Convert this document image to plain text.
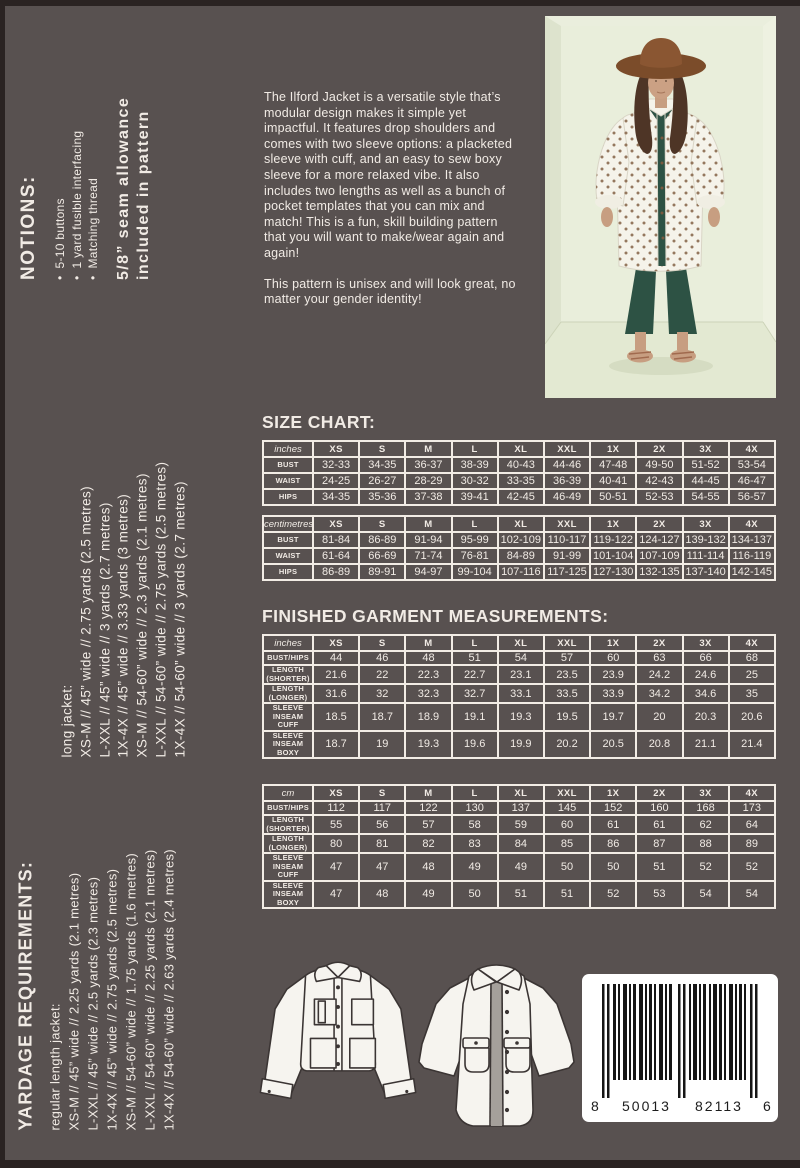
NOTIONS:
• 5-10 buttons
• 1 yard fusible interfacing
• Matching thread 5/8” seam allowance included in pattern
long jacket: XS-M // 45” wide // 2.75 yards (2.5 metres) L-XXL // 45” wide // 3 yards (2.7 metres) 1X-4X // 45” wide // 3.33 yards (3 metres) XS-M // 54-60” wide // 2.3 yards (2.1 metres) L-XXL // 54-60” wide // 2.75 yards (2.5 metres) 1X-4X // 54-60” wide // 3 yards (2.7 metres)
YARDAGE REQUIREMENTS: regular length jacket: XS-M // 45” wide // 2.25 yards (2.1 metres) L-XXL // 45” wide // 2.5 yards (2.3 metres) 1X-4X // 45” wide // 2.75 yards (2.5 metres) XS-M // 54-60” wide // 1.75 yards (1.6 metres) L-XXL // 54-60” wide // 2.25 yards (2.1 metres) 1X-4X // 54-60” wide // 2.63 yards (2.4 metres)

The Ilford Jacket is a versatile style that’s modular design makes it simple yet impactful. It features drop shoulders and comes with two sleeve options: a placketed sleeve with cuff, and an easy to sew boxy sleeve for a more relaxed vibe. It also includes two lengths as well as a bunch of pocket templates that you can mix and match! This is a fun, skill building pattern that you will want to make/wear again and again!

This pattern is unisex and will look great, no matter your gender identity!

SIZE CHART:
inches	XS	S	M	L	XL	XXL	1X	2X	3X	4X
BUST	32-33	34-35	36-37	38-39	40-43	44-46	47-48	49-50	51-52	53-54
WAIST	24-25	26-27	28-29	30-32	33-35	36-39	40-41	42-43	44-45	46-47
HIPS	34-35	35-36	37-38	39-41	42-45	46-49	50-51	52-53	54-55	56-57
centimetres	XS	S	M	L	XL	XXL	1X	2X	3X	4X
BUST	81-84	86-89	91-94	95-99	102-109	110-117	119-122	124-127	139-132	134-137
WAIST	61-64	66-69	71-74	76-81	84-89	91-99	101-104	107-109	111-114	116-119
HIPS	86-89	89-91	94-97	99-104	107-116	117-125	127-130	132-135	137-140	142-145
FINISHED GARMENT MEASUREMENTS:
inches	XS	S	M	L	XL	XXL	1X	2X	3X	4X
BUST/HIPS	44	46	48	51	54	57	60	63	66	68
LENGTH (SHORTER)	21.6	22	22.3	22.7	23.1	23.5	23.9	24.2	24.6	25
LENGTH (LONGER)	31.6	32	32.3	32.7	33.1	33.5	33.9	34.2	34.6	35
SLEEVE INSEAM CUFF	18.5	18.7	18.9	19.1	19.3	19.5	19.7	20	20.3	20.6
SLEEVE INSEAM BOXY	18.7	19	19.3	19.6	19.9	20.2	20.5	20.8	21.1	21.4
cm	XS	S	M	L	XL	XXL	1X	2X	3X	4X
BUST/HIPS	112	117	122	130	137	145	152	160	168	173
LENGTH (SHORTER)	55	56	57	58	59	60	61	61	62	64
LENGTH (LONGER)	80	81	82	83	84	85	86	87	88	89
SLEEVE INSEAM CUFF	47	47	48	49	49	50	50	51	52	52
SLEEVE INSEAM BOXY	47	48	49	50	51	51	52	53	54	54
8 50013 82113 6
